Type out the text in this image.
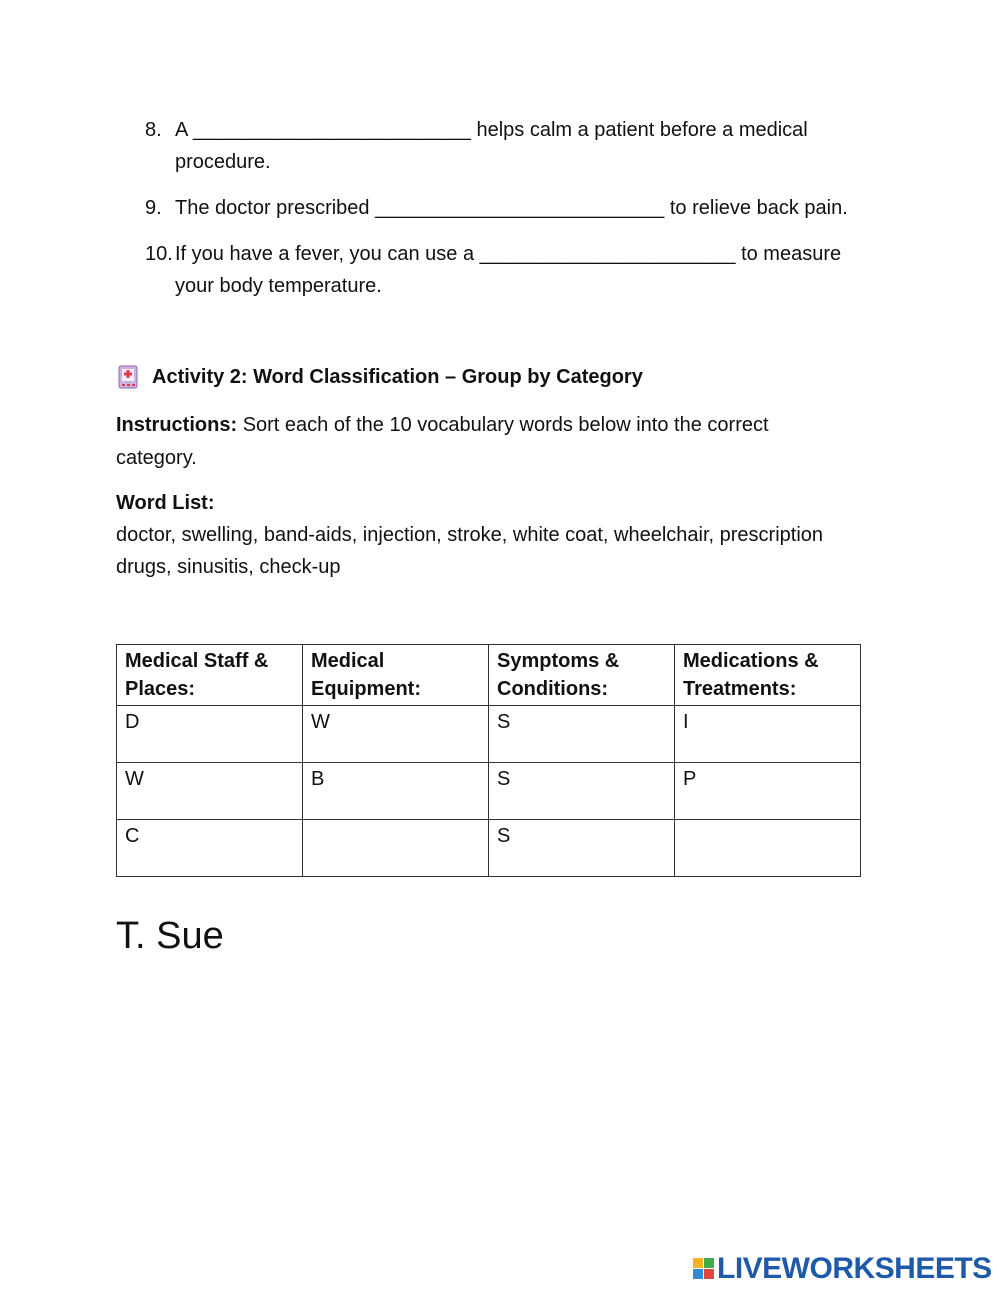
8. A _________________________ helps calm a patient before a medical procedure.
9. The doctor prescribed __________________________ to relieve back pain.
10. If you have a fever, you can use a _______________________ to measure your body temperature.
Activity 2: Word Classification – Group by Category
Instructions: Sort each of the 10 vocabulary words below into the correct category.
Word List:
doctor, swelling, band-aids, injection, stroke, white coat, wheelchair, prescription drugs, sinusitis, check-up
Medical Staff & Places:	Medical Equipment:	Symptoms & Conditions:	Medications & Treatments:
D	W	S	I
W	B	S	P
C		S	
T. Sue
LIVEWORKSHEETS
